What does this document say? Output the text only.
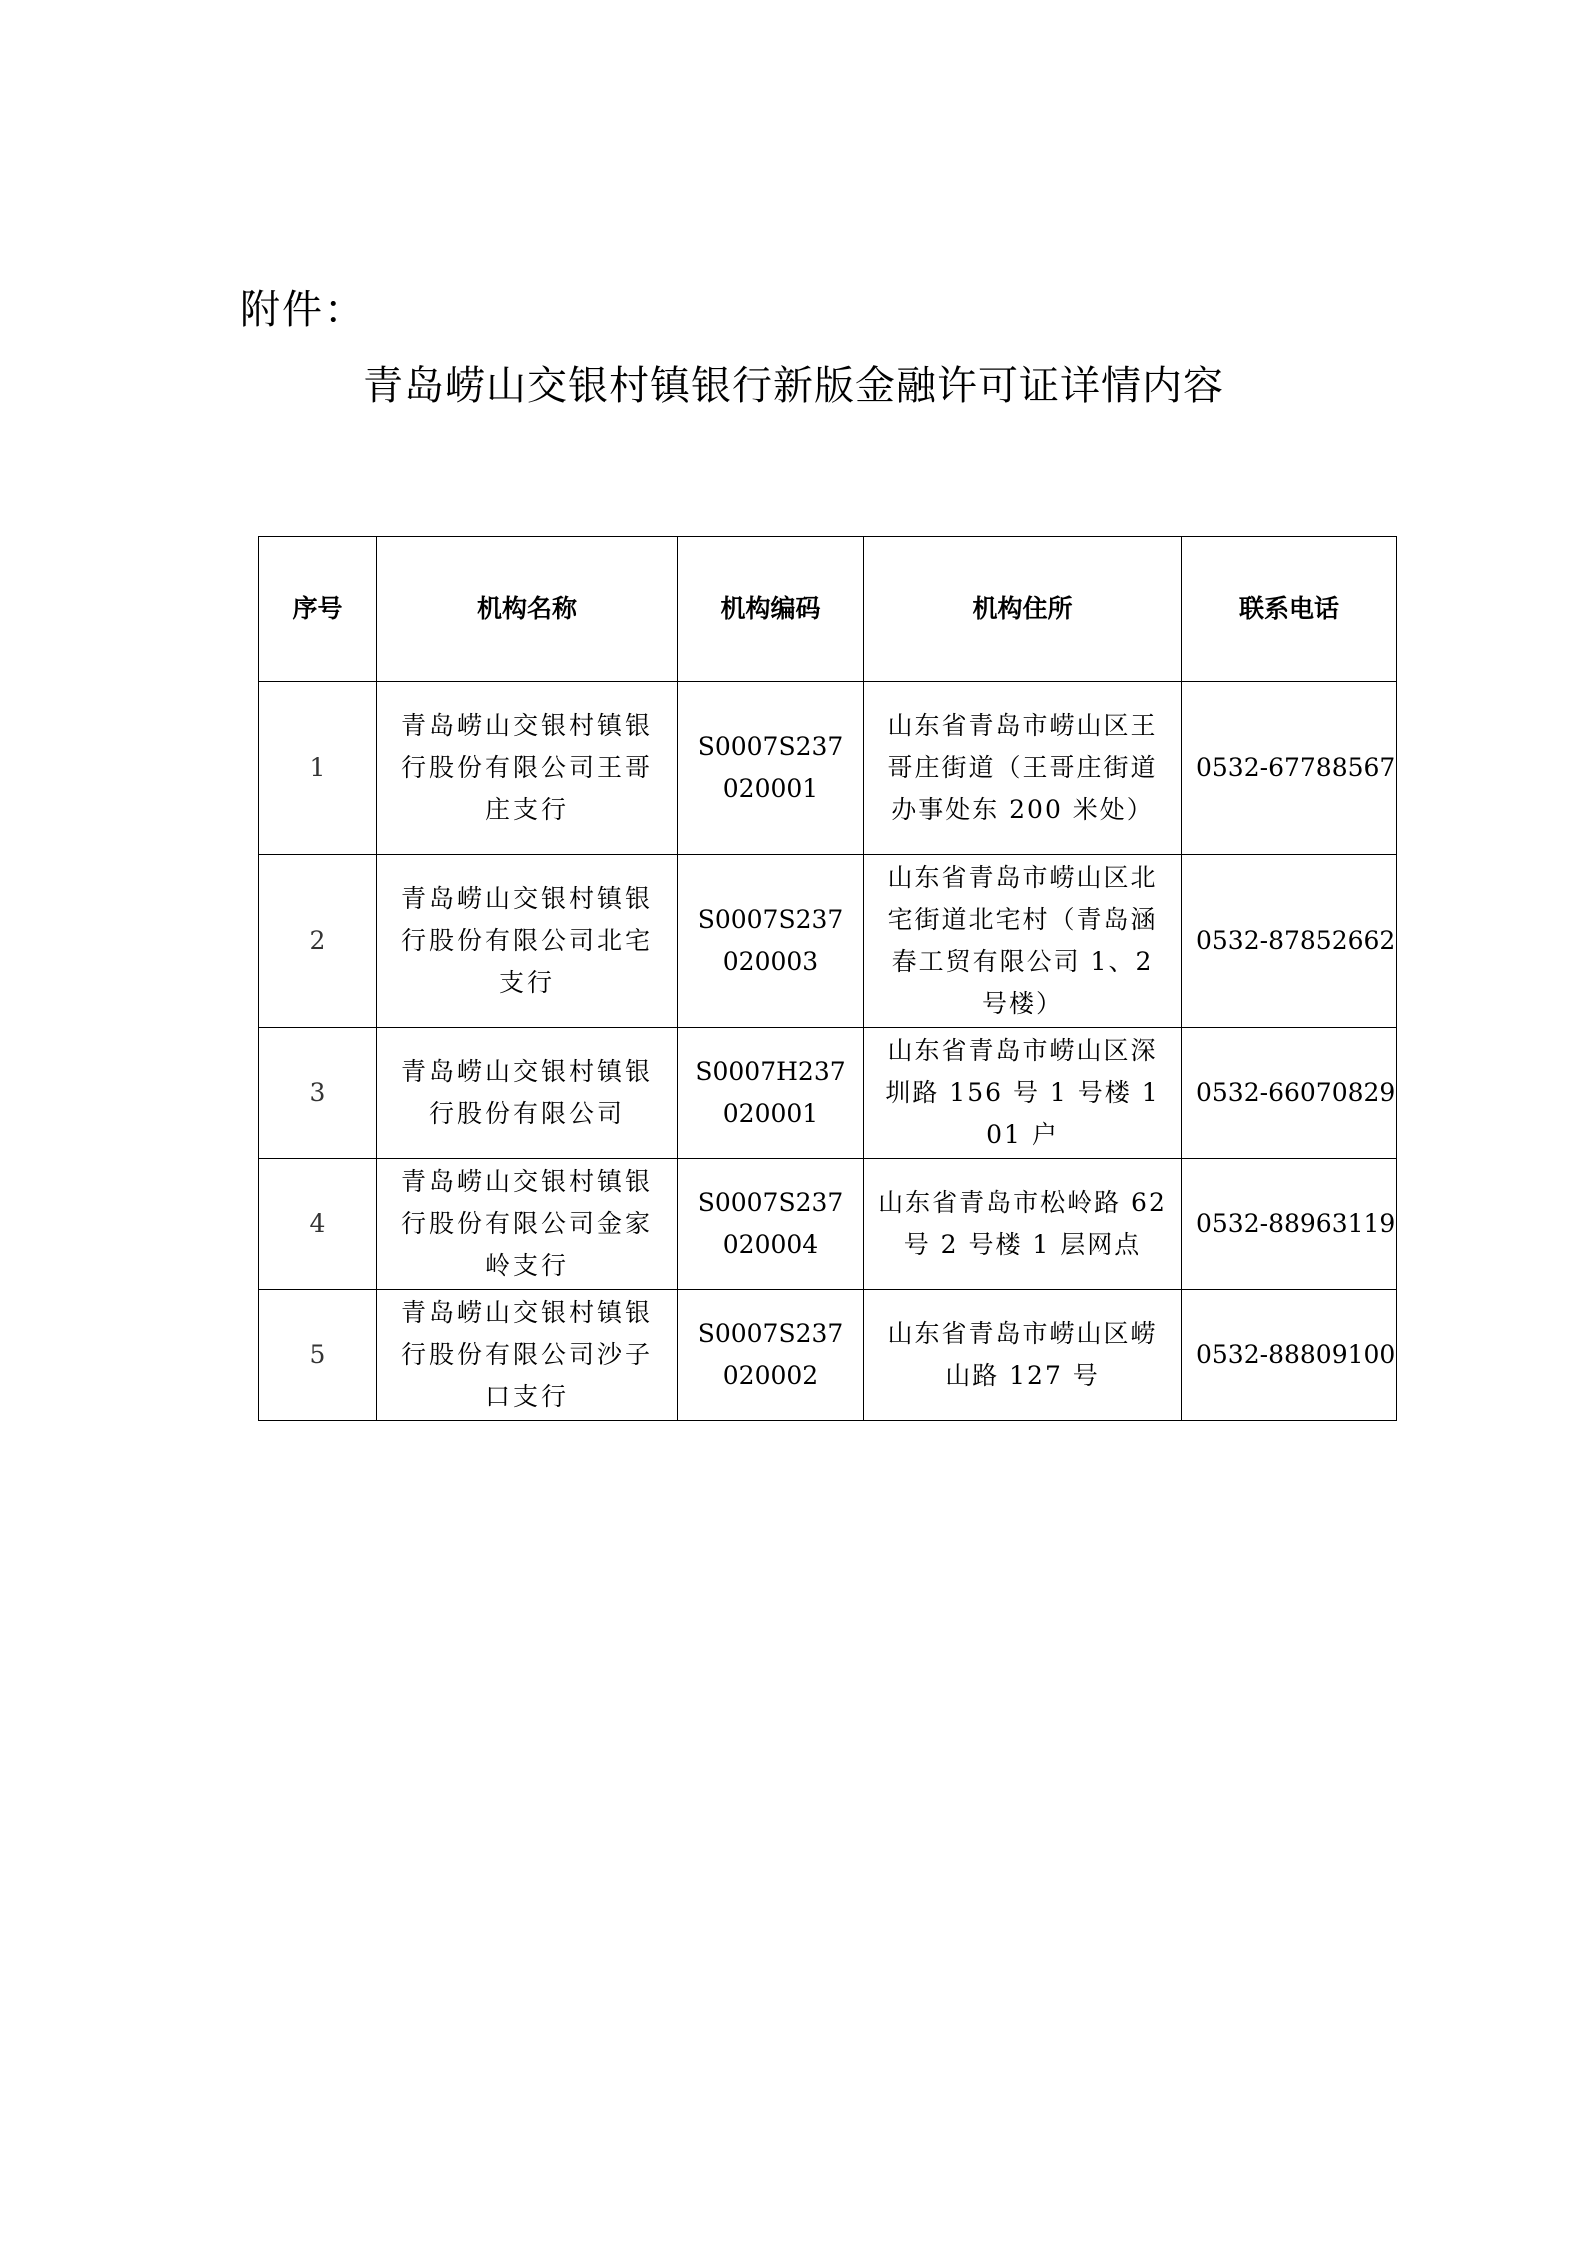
附件：
青岛崂山交银村镇银行新版金融许可证详情内容
序号	机构名称	机构编码	机构住所	联系电话
1	青岛崂山交银村镇银行股份有限公司王哥庄支行	S0007S237020001	山东省青岛市崂山区王哥庄街道（王哥庄街道办事处东 200 米处）	0532-67788567
2	青岛崂山交银村镇银行股份有限公司北宅支行	S0007S237020003	山东省青岛市崂山区北宅街道北宅村（青岛涵春工贸有限公司 1、2 号楼）	0532-87852662
3	青岛崂山交银村镇银行股份有限公司	S0007H237020001	山东省青岛市崂山区深圳路 156 号 1 号楼 101 户	0532-66070829
4	青岛崂山交银村镇银行股份有限公司金家岭支行	S0007S237020004	山东省青岛市松岭路 62 号 2 号楼 1 层网点	0532-88963119
5	青岛崂山交银村镇银行股份有限公司沙子口支行	S0007S237020002	山东省青岛市崂山区崂山路 127 号	0532-88809100
